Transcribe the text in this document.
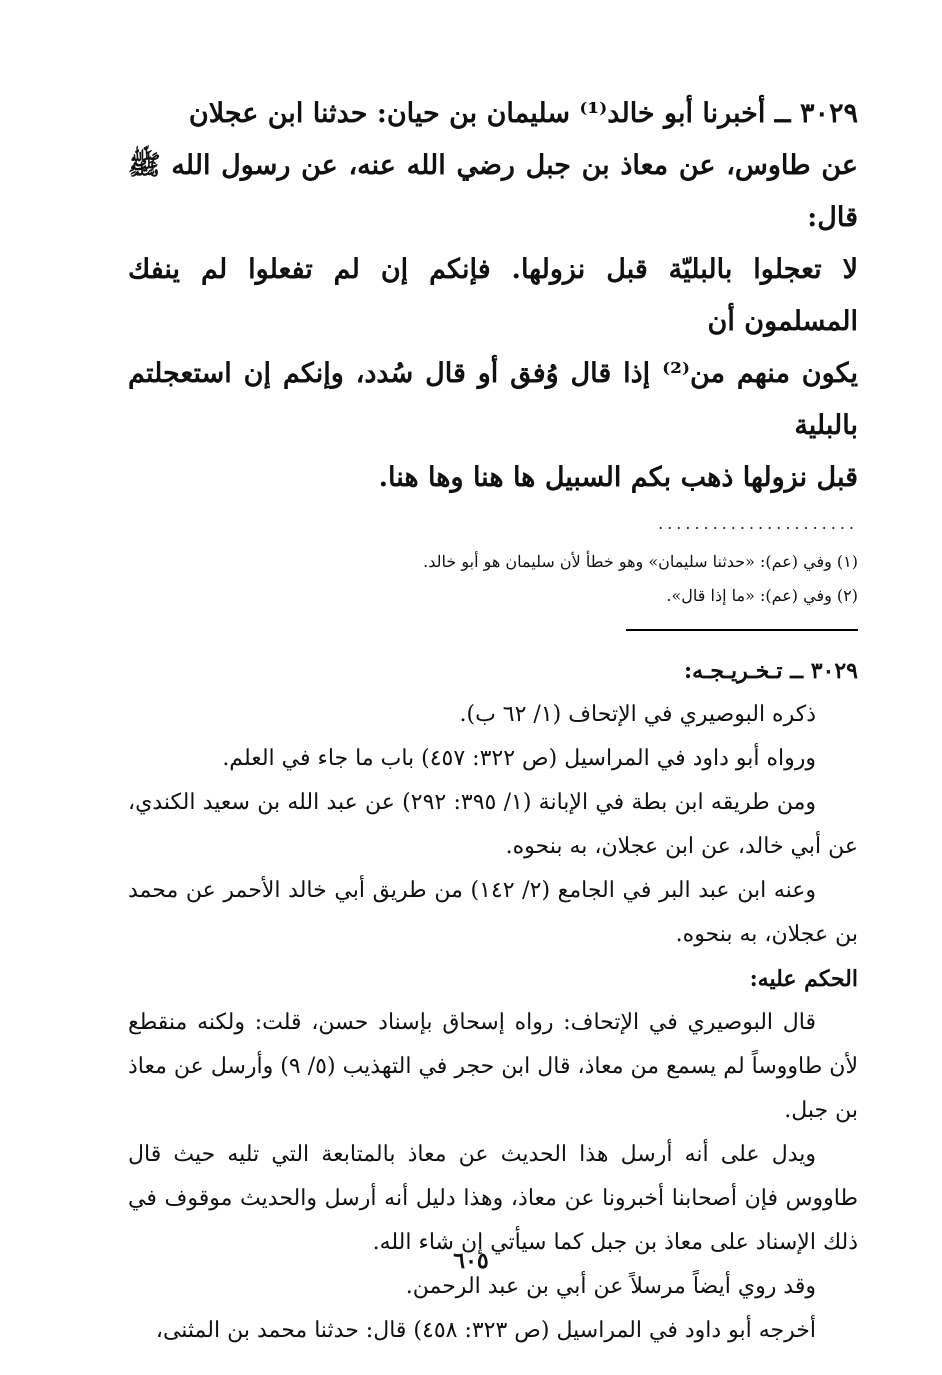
٣٠٢٩ ــ أخبرنا أبو خالد⁽¹⁾ سليمان بن حيان: حدثنا ابن عجلان

عن طاوس، عن معاذ بن جبل رضي الله عنه، عن رسول الله ﷺ قال:

لا تعجلوا بالبليّة قبل نزولها. فإنكم إن لم تفعلوا لم ينفك المسلمون أن

يكون منهم من⁽²⁾ إذا قال وُفق أو قال سُدد، وإنكم إن استعجلتم بالبلية

قبل نزولها ذهب بكم السبيل ها هنا وها هنا.

......................

(١) وفي (عم): «حدثنا سليمان» وهو خطأ لأن سليمان هو أبو خالد.

(٢) وفي (عم): «ما إذا قال».

٣٠٢٩ ــ تـخـريـجـه:

ذكره البوصيري في الإتحاف (١/ ٦٢ ب).

ورواه أبو داود في المراسيل (ص ٣٢٢: ٤٥٧) باب ما جاء في العلم.

ومن طريقه ابن بطة في الإبانة (١/ ٣٩٥: ٢٩٢) عن عبد الله بن سعيد الكندي، عن أبي خالد، عن ابن عجلان، به بنحوه.

وعنه ابن عبد البر في الجامع (٢/ ١٤٢) من طريق أبي خالد الأحمر عن محمد بن عجلان، به بنحوه.

الحكم عليه:

قال البوصيري في الإتحاف: رواه إسحاق بإسناد حسن، قلت: ولكنه منقطع لأن طاووساً لم يسمع من معاذ، قال ابن حجر في التهذيب (٥/ ٩) وأرسل عن معاذ بن جبل.

ويدل على أنه أرسل هذا الحديث عن معاذ بالمتابعة التي تليه حيث قال طاووس فإن أصحابنا أخبرونا عن معاذ، وهذا دليل أنه أرسل والحديث موقوف في ذلك الإسناد على معاذ بن جبل كما سيأتي إن شاء الله.

وقد روي أيضاً مرسلاً عن أبي بن عبد الرحمن.

أخرجه أبو داود في المراسيل (ص ٣٢٣: ٤٥٨) قال: حدثنا محمد بن المثنى،

٦٠٥
